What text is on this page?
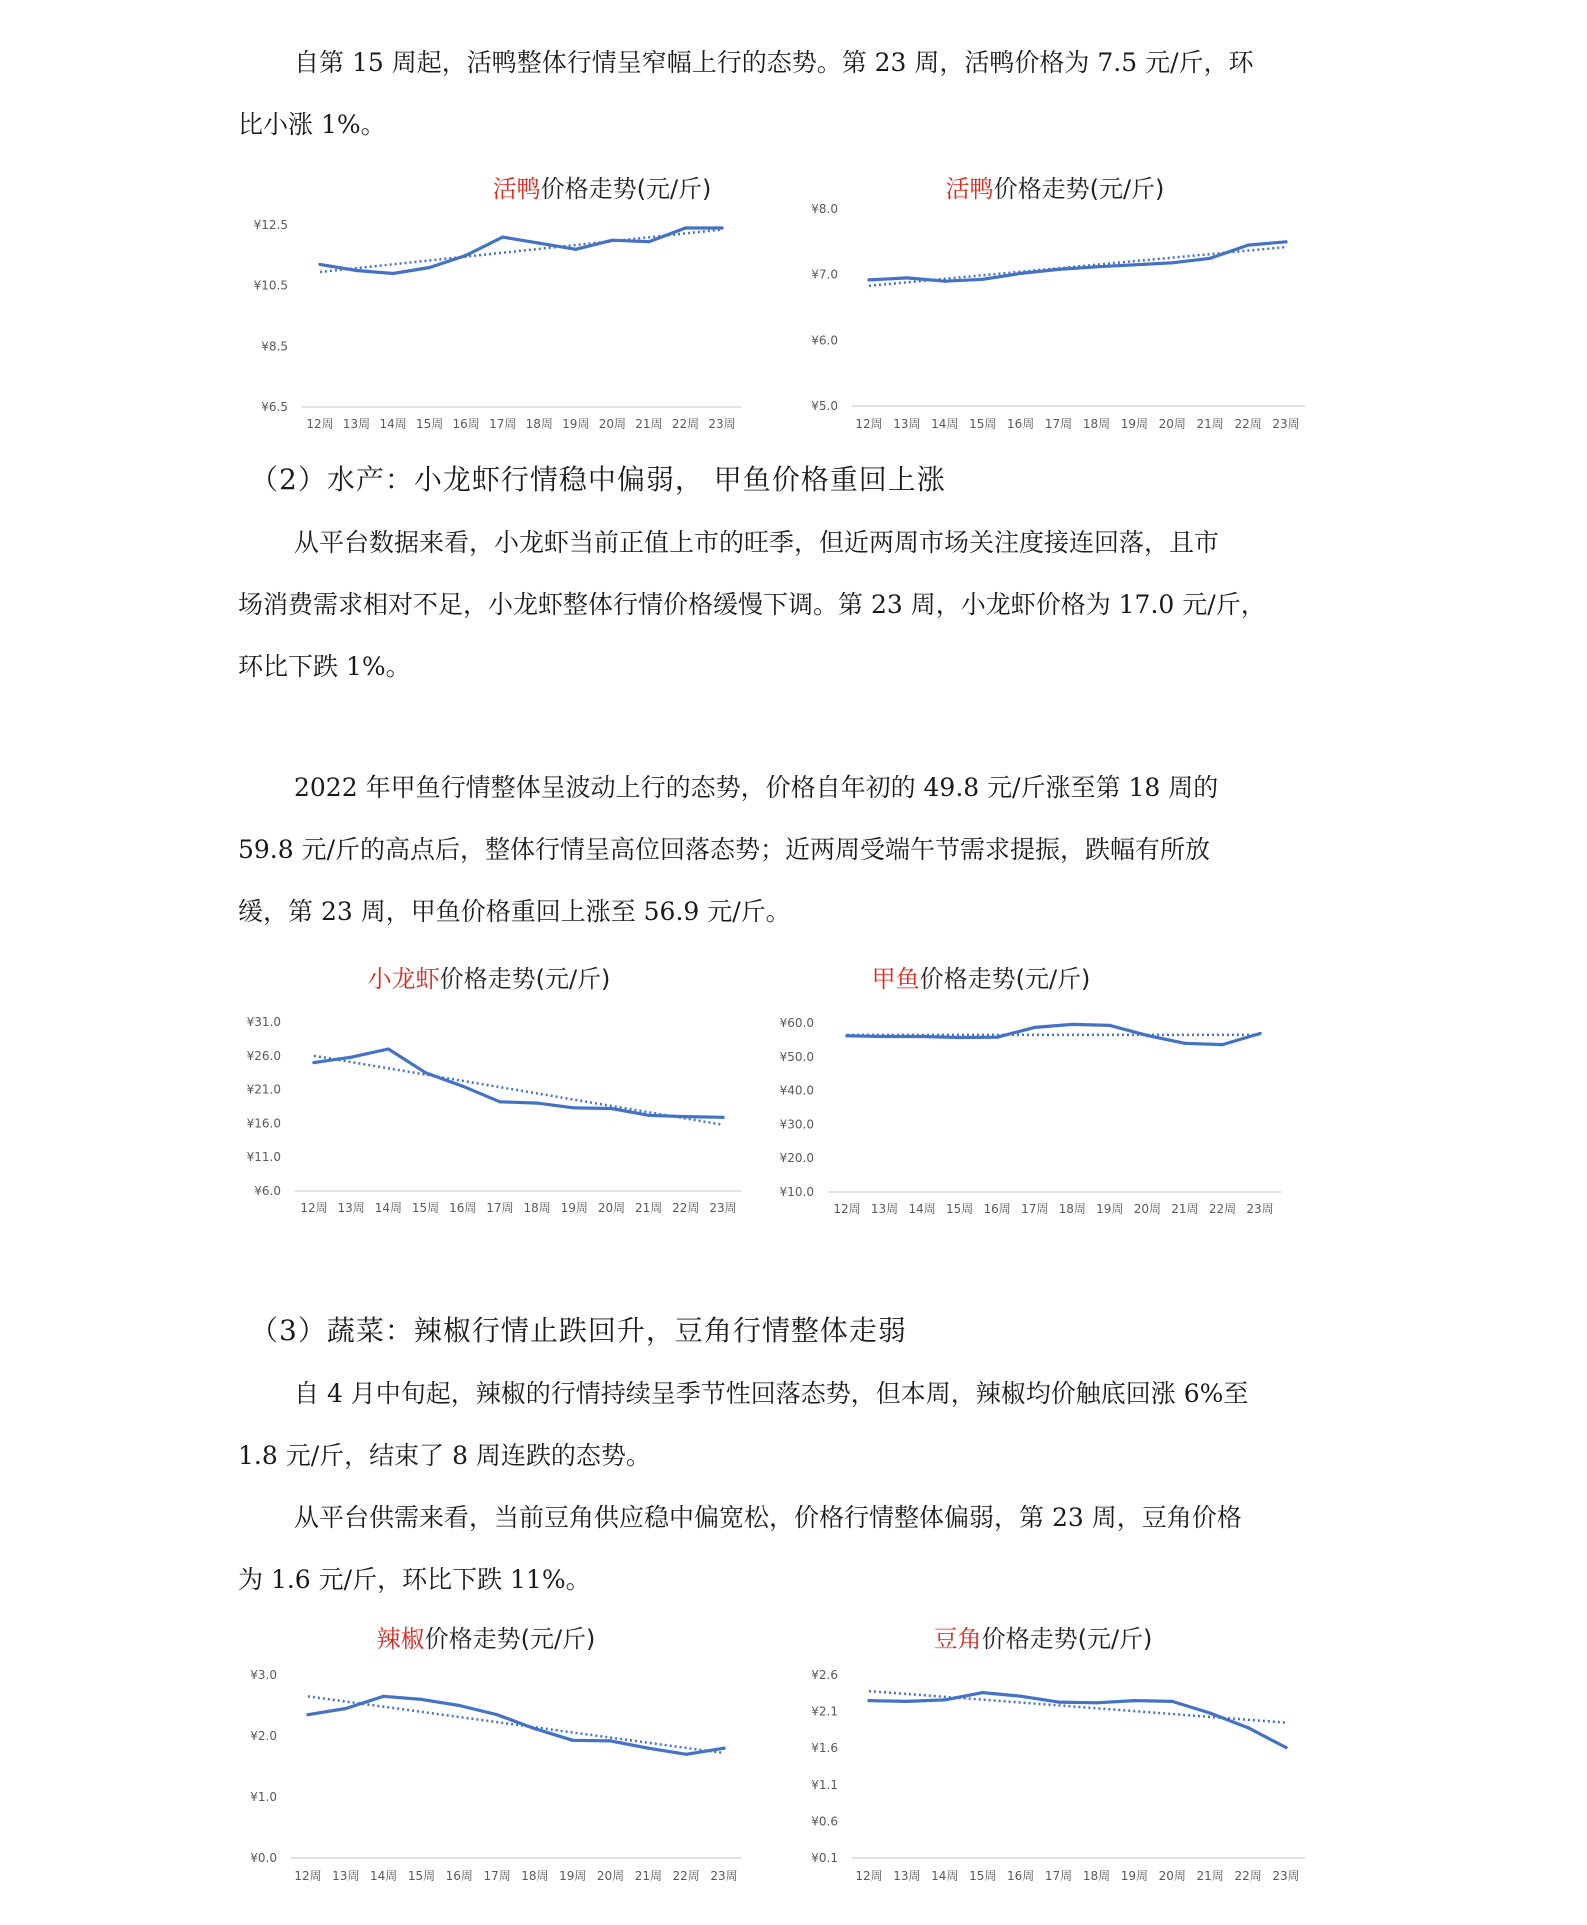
自第 15 周起，活鸭整体行情呈窄幅上行的态势。第 23 周，活鸭价格为 7.5 元/斤，环
比小涨 1%。
活鸭价格走势(元/斤)
¥12.5
¥10.5
¥8.5
¥6.5
12周 13周 14周 15周 16周 17周 18周 19周 20周 21周 22周 23周
活鸭价格走势(元/斤)
¥8.0
¥7.0
¥6.0
¥5.0
12周 13周 14周 15周 16周 17周 18周 19周 20周 21周 22周 23周
（2）水产：小龙虾行情稳中偏弱， 甲鱼价格重回上涨
从平台数据来看，小龙虾当前正值上市的旺季，但近两周市场关注度接连回落，且市
场消费需求相对不足，小龙虾整体行情价格缓慢下调。第 23 周，小龙虾价格为 17.0 元/斤，
环比下跌 1%。
2022 年甲鱼行情整体呈波动上行的态势，价格自年初的 49.8 元/斤涨至第 18 周的
59.8 元/斤的高点后，整体行情呈高位回落态势；近两周受端午节需求提振，跌幅有所放
缓，第 23 周，甲鱼价格重回上涨至 56.9 元/斤。
小龙虾价格走势(元/斤)
¥31.0
¥26.0
¥21.0
¥16.0
¥11.0
¥6.0
12周 13周 14周 15周 16周 17周 18周 19周 20周 21周 22周 23周
甲鱼价格走势(元/斤)
¥60.0
¥50.0
¥40.0
¥30.0
¥20.0
¥10.0
12周 13周 14周 15周 16周 17周 18周 19周 20周 21周 22周 23周
（3）蔬菜：辣椒行情止跌回升，豆角行情整体走弱
自 4 月中旬起，辣椒的行情持续呈季节性回落态势，但本周，辣椒均价触底回涨 6%至
1.8 元/斤，结束了 8 周连跌的态势。
从平台供需来看，当前豆角供应稳中偏宽松，价格行情整体偏弱，第 23 周，豆角价格
为 1.6 元/斤，环比下跌 11%。
辣椒价格走势(元/斤)
¥3.0
¥2.0
¥1.0
¥0.0
12周 13周 14周 15周 16周 17周 18周 19周 20周 21周 22周 23周
豆角价格走势(元/斤)
¥2.6
¥2.1
¥1.6
¥1.1
¥0.6
¥0.1
12周 13周 14周 15周 16周 17周 18周 19周 20周 21周 22周 23周
